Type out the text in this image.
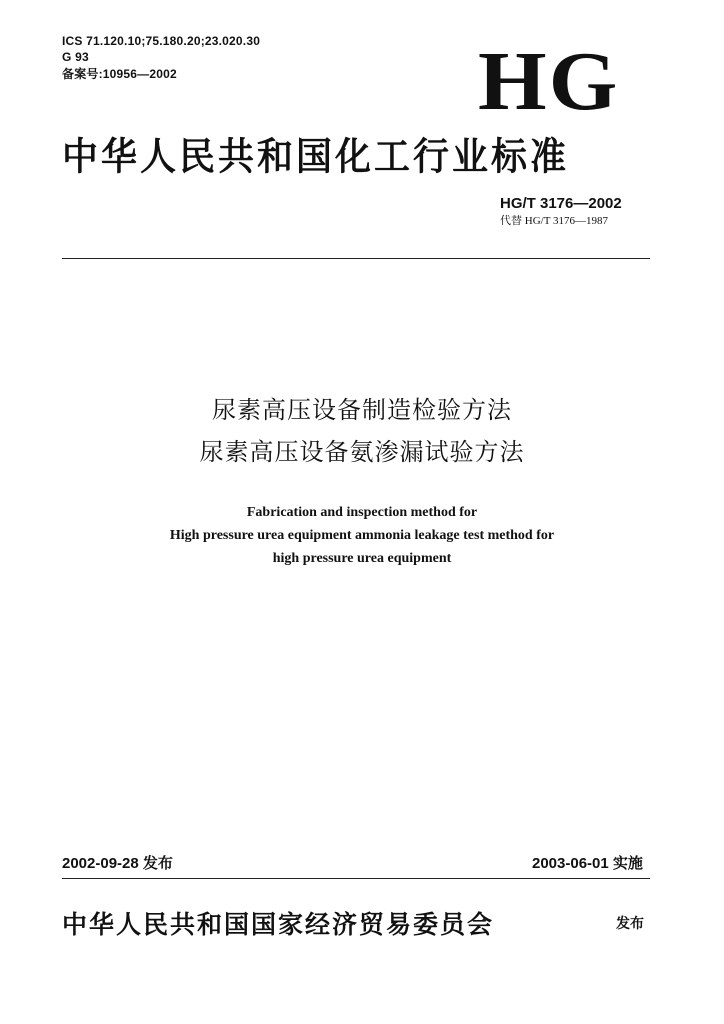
ICS 71.120.10;75.180.20;23.020.30
G 93
备案号:10956—2002	HG
中华人民共和国化工行业标准
HG/T 3176—2002
代替 HG/T 3176—1987
尿素高压设备制造检验方法
尿素高压设备氨渗漏试验方法
Fabrication and inspection method for
High pressure urea equipment ammonia leakage test method for
high pressure urea equipment
2002-09-28 发布	2003-06-01 实施
中华人民共和国国家经济贸易委员会	发布
